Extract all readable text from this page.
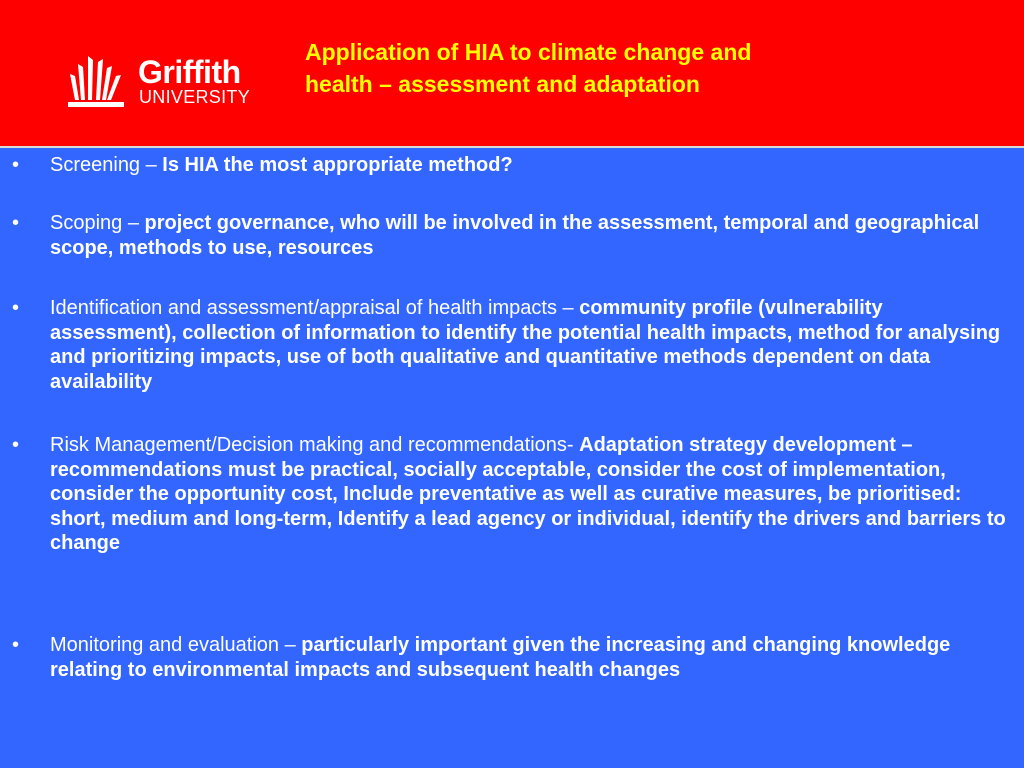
Griffith
UNIVERSITY
Application of HIA to climate change and
health – assessment and adaptation
• Screening – Is HIA the most appropriate method?
• Scoping – project governance, who will be involved in the assessment, temporal and geographical scope, methods to use, resources
• Identification and assessment/appraisal of health impacts – community profile (vulnerability assessment), collection of information to identify the potential health impacts, method for analysing and prioritizing impacts, use of both qualitative and quantitative methods dependent on data availability
• Risk Management/Decision making and recommendations- Adaptation strategy development – recommendations must be practical, socially acceptable, consider the cost of implementation, consider the opportunity cost, Include preventative as well as curative measures, be prioritised: short, medium and long-term, Identify a lead agency or individual, identify the drivers and barriers to change
• Monitoring and evaluation – particularly important given the increasing and changing knowledge relating to environmental impacts and subsequent health changes
